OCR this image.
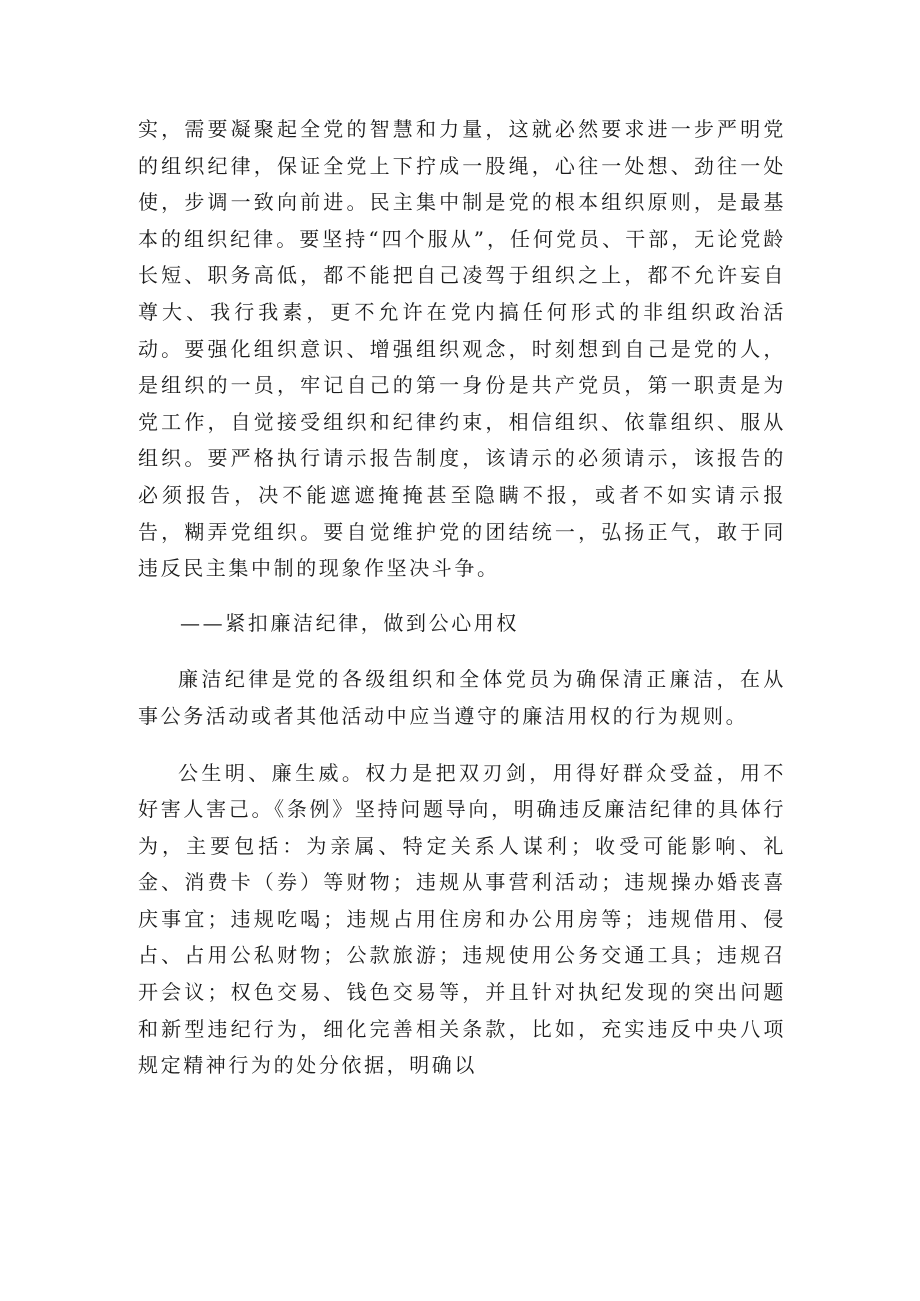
实，需要凝聚起全党的智慧和力量，这就必然要求进一步严明党的组织纪律，保证全党上下拧成一股绳，心往一处想、劲往一处使，步调一致向前进。民主集中制是党的根本组织原则，是最基本的组织纪律。要坚持“四个服从”，任何党员、干部，无论党龄长短、职务高低，都不能把自己凌驾于组织之上，都不允许妄自尊大、我行我素，更不允许在党内搞任何形式的非组织政治活动。要强化组织意识、增强组织观念，时刻想到自己是党的人，是组织的一员，牢记自己的第一身份是共产党员，第一职责是为党工作，自觉接受组织和纪律约束，相信组织、依靠组织、服从组织。要严格执行请示报告制度，该请示的必须请示，该报告的必须报告，决不能遮遮掩掩甚至隐瞒不报，或者不如实请示报告，糊弄党组织。要自觉维护党的团结统一，弘扬正气，敢于同违反民主集中制的现象作坚决斗争。

——紧扣廉洁纪律，做到公心用权

廉洁纪律是党的各级组织和全体党员为确保清正廉洁，在从事公务活动或者其他活动中应当遵守的廉洁用权的行为规则。

公生明、廉生威。权力是把双刃剑，用得好群众受益，用不好害人害己。《条例》坚持问题导向，明确违反廉洁纪律的具体行为，主要包括：为亲属、特定关系人谋利；收受可能影响、礼金、消费卡（券）等财物；违规从事营利活动；违规操办婚丧喜庆事宜；违规吃喝；违规占用住房和办公用房等；违规借用、侵占、占用公私财物；公款旅游；违规使用公务交通工具；违规召开会议；权色交易、钱色交易等，并且针对执纪发现的突出问题和新型违纪行为，细化完善相关条款，比如，充实违反中央八项规定精神行为的处分依据，明确以
